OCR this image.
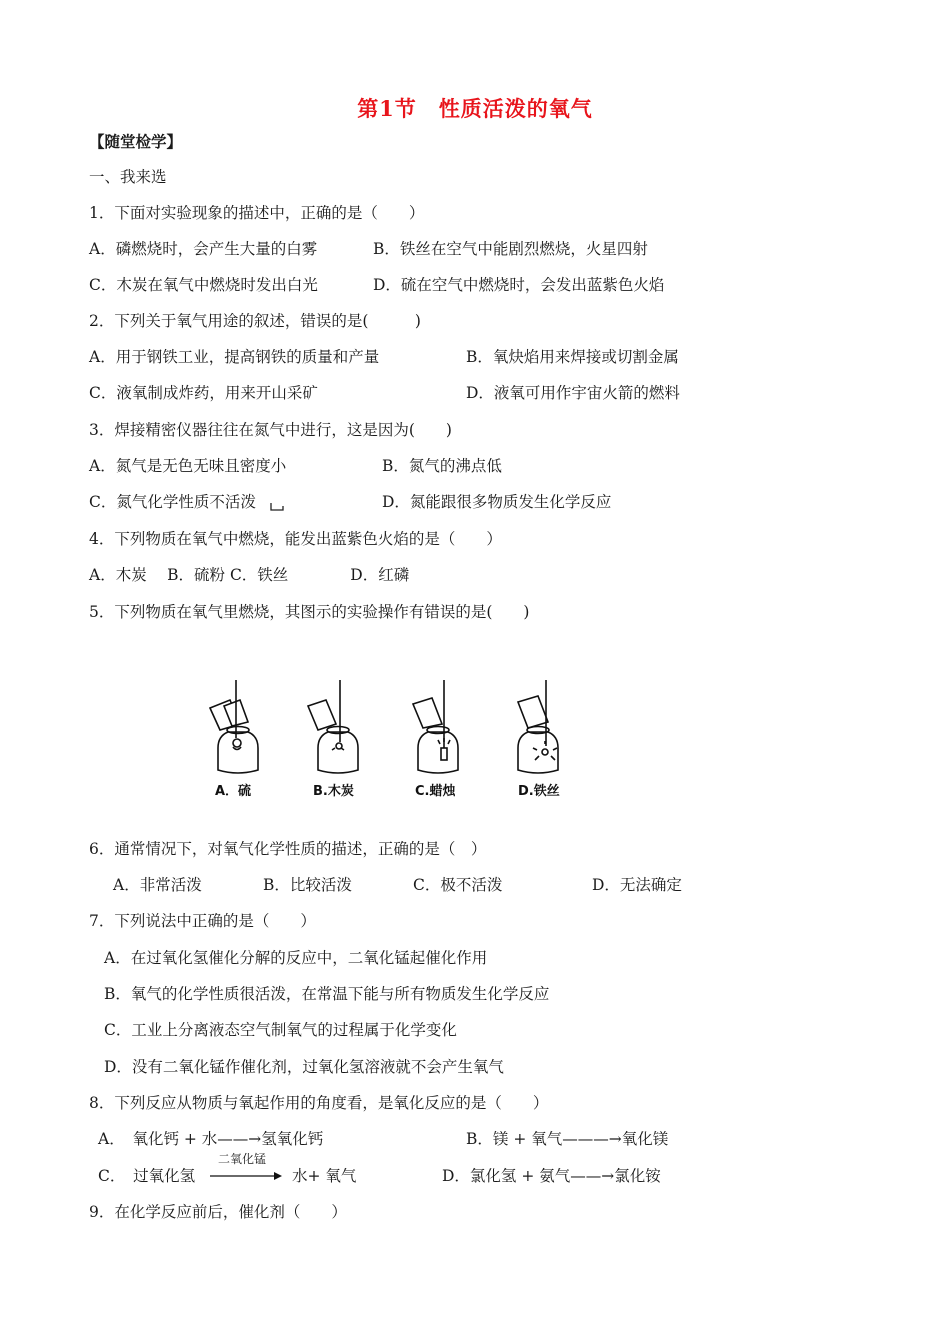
第1节　性质活泼的氧气
【随堂检学】
一、我来选
1．下面对实验现象的描述中，正确的是（　　）
A．磷燃烧时，会产生大量的白雾	B．铁丝在空气中能剧烈燃烧，火星四射
C．木炭在氧气中燃烧时发出白光	D．硫在空气中燃烧时，会发出蓝紫色火焰
2．下列关于氧气用途的叙述，错误的是(　　　)
A．用于钢铁工业，提高钢铁的质量和产量	B．氧炔焰用来焊接或切割金属
C．液氧制成炸药，用来开山采矿	D．液氧可用作宇宙火箭的燃料
3．焊接精密仪器往往在氮气中进行，这是因为(　　)
A．氮气是无色无味且密度小	B．氮气的沸点低
C．氮气化学性质不活泼	D．氮能跟很多物质发生化学反应
4．下列物质在氧气中燃烧，能发出蓝紫色火焰的是（　　）
A．木炭　 B．硫粉 C．铁丝　　　　D．红磷
5．下列物质在氧气里燃烧，其图示的实验操作有错误的是(　　)
A．硫	B.木炭	C.蜡烛	D.铁丝
6．通常情况下，对氧气化学性质的描述，正确的是（　）
A．非常活泼	B．比较活泼	C．极不活泼	D．无法确定
7．下列说法中正确的是（　　）
A．在过氧化氢催化分解的反应中，二氧化锰起催化作用
B．氧气的化学性质很活泼，在常温下能与所有物质发生化学反应
C．工业上分离液态空气制氧气的过程属于化学变化
D．没有二氧化锰作催化剂，过氧化氢溶液就不会产生氧气
8．下列反应从物质与氧起作用的角度看，是氧化反应的是（　　）
A．　氧化钙 + 水——→氢氧化钙	B．镁 + 氧气———→氧化镁
C．　过氧化氢
二氧化锰
水+ 氧气	D．氯化氢 + 氨气——→氯化铵
9．在化学反应前后，催化剂（　　）
